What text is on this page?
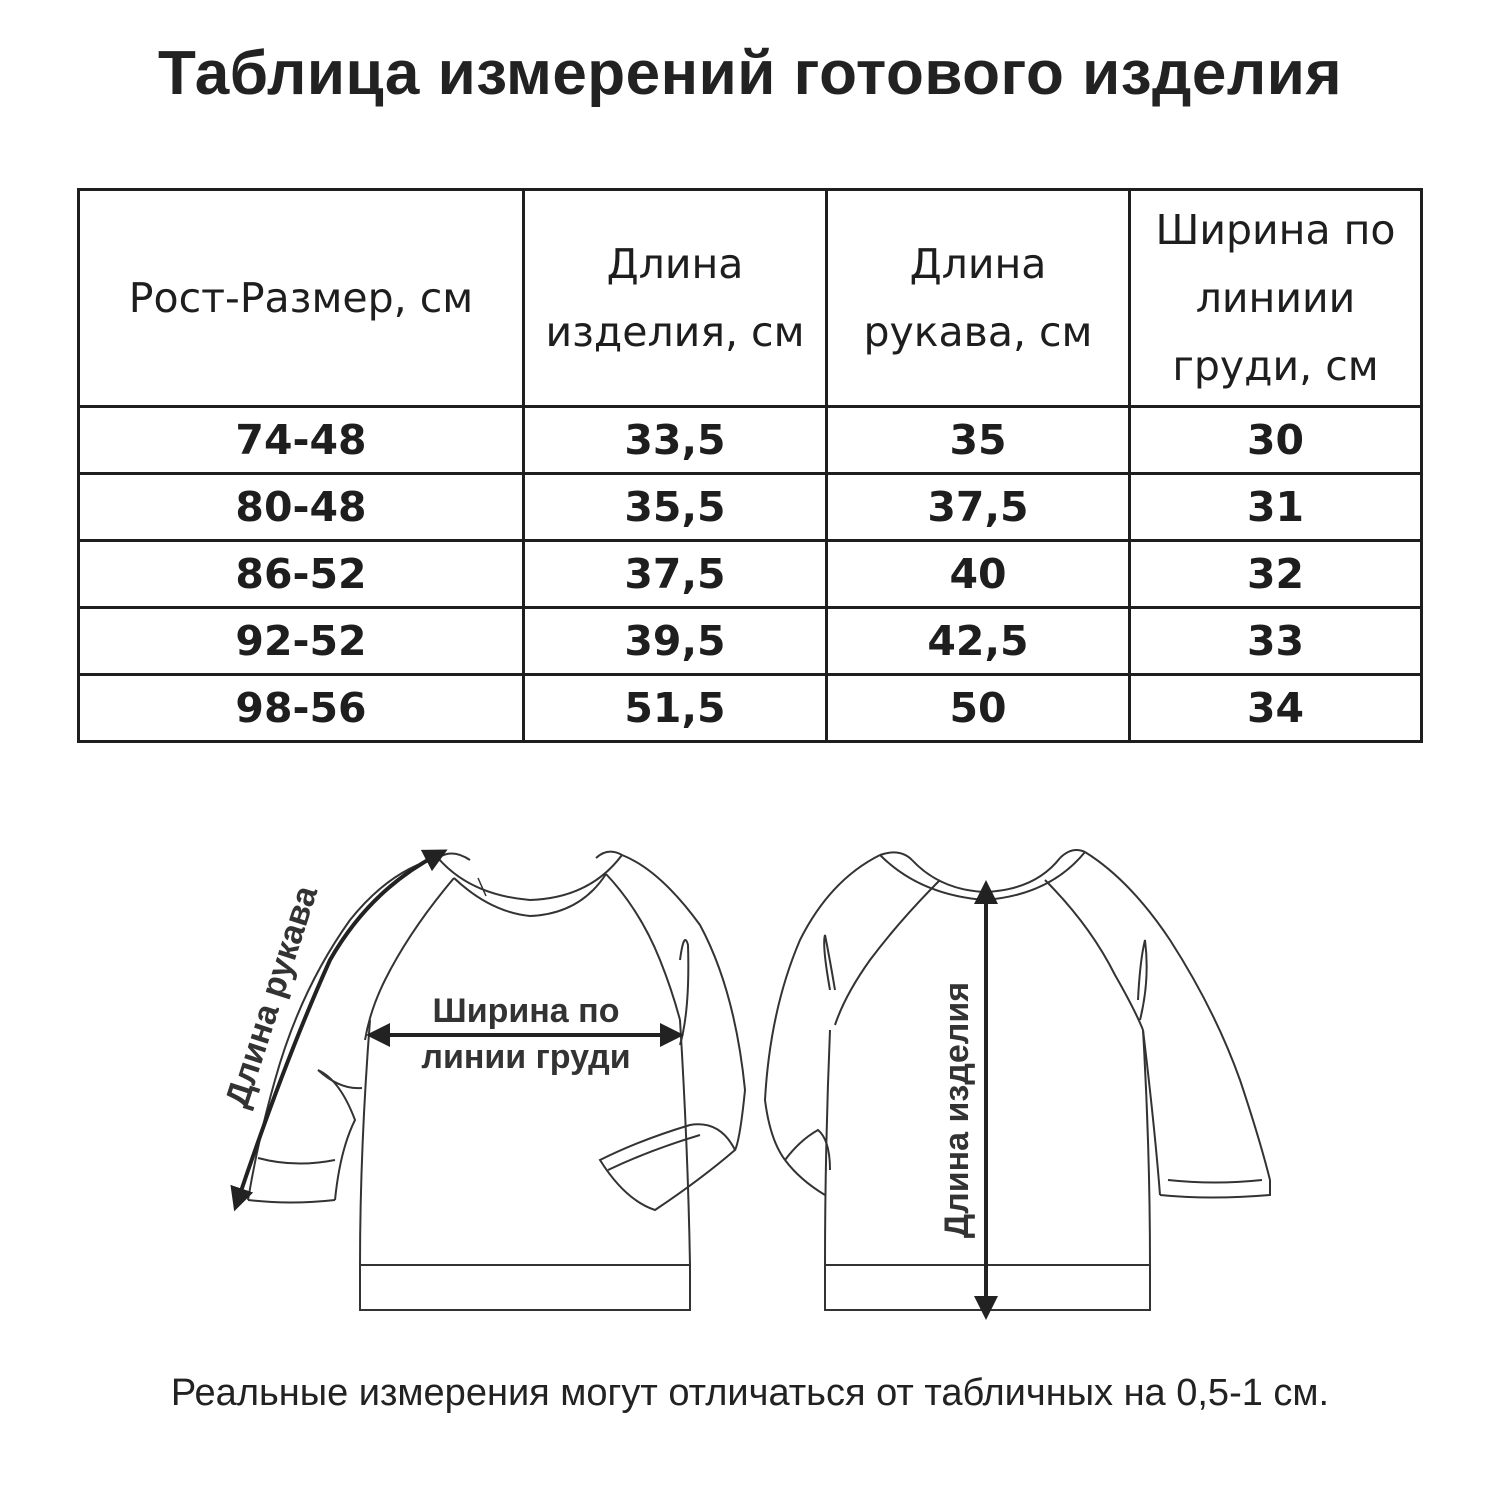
Таблица измерений готового изделия
Рост-Размер, см	Длина изделия, см	Длина рукава, см	Ширина по линиии груди, см
74-48	33,5	35	30
80-48	35,5	37,5	31
86-52	37,5	40	32
92-52	39,5	42,5	33
98-56	51,5	50	34
Ширина по
линии груди
Длина рукава	Длина изделия
Реальные измерения могут отличаться от табличных на 0,5-1 см.
